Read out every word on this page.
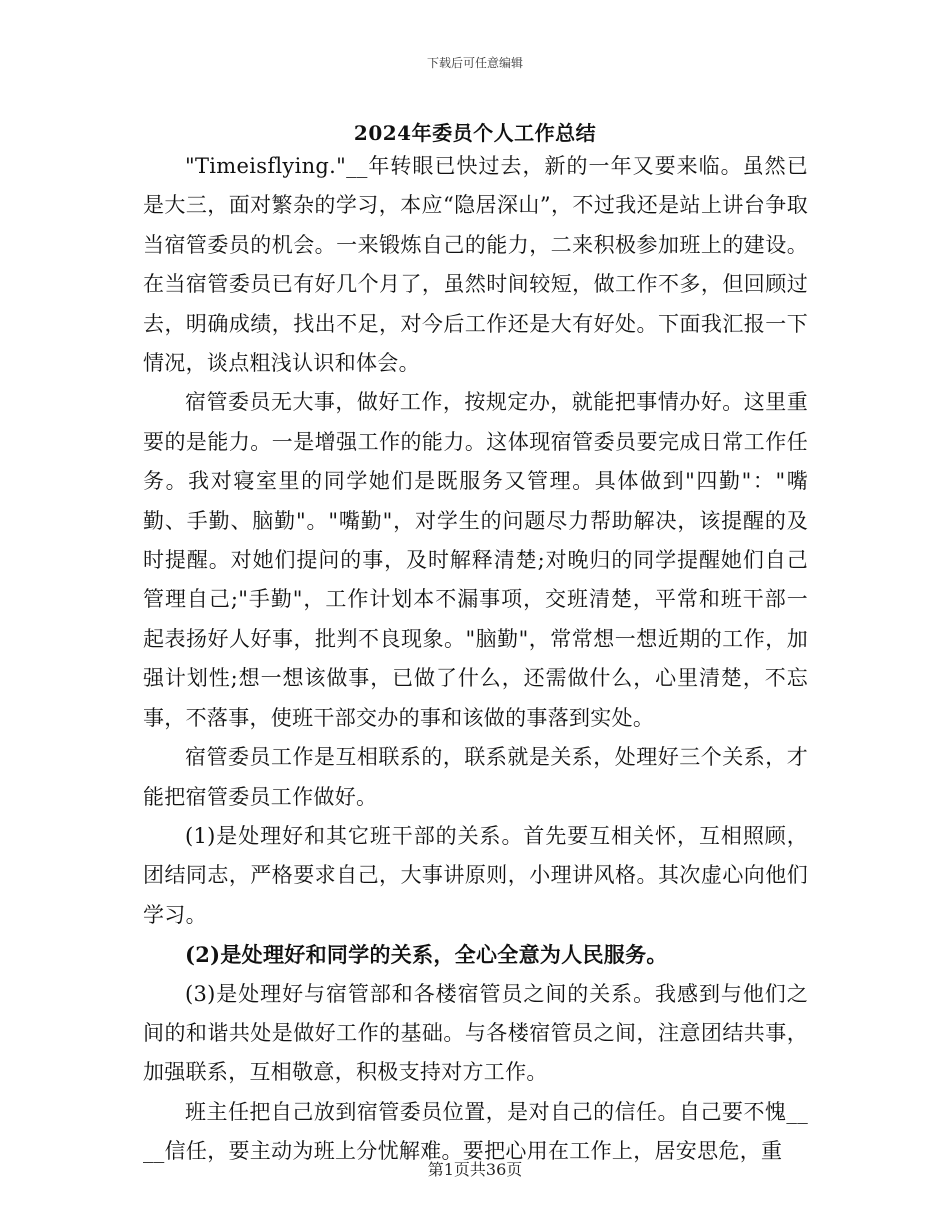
下载后可任意编辑
2024年委员个人工作总结

"Timeisflying."__年转眼已快过去，新的一年又要来临。虽然已是大三，面对繁杂的学习，本应“隐居深山”，不过我还是站上讲台争取当宿管委员的机会。一来锻炼自己的能力，二来积极参加班上的建设。在当宿管委员已有好几个月了，虽然时间较短，做工作不多，但回顾过去，明确成绩，找出不足，对今后工作还是大有好处。下面我汇报一下情况，谈点粗浅认识和体会。

宿管委员无大事，做好工作，按规定办，就能把事情办好。这里重要的是能力。一是增强工作的能力。这体现宿管委员要完成日常工作任务。我对寝室里的同学她们是既服务又管理。具体做到"四勤"："嘴勤、手勤、脑勤"。"嘴勤"，对学生的问题尽力帮助解决，该提醒的及时提醒。对她们提问的事，及时解释清楚;对晚归的同学提醒她们自己管理自己;"手勤"，工作计划本不漏事项，交班清楚，平常和班干部一起表扬好人好事，批判不良现象。"脑勤"，常常想一想近期的工作，加强计划性;想一想该做事，已做了什么，还需做什么，心里清楚，不忘事，不落事，使班干部交办的事和该做的事落到实处。

宿管委员工作是互相联系的，联系就是关系，处理好三个关系，才能把宿管委员工作做好。

(1)是处理好和其它班干部的关系。首先要互相关怀，互相照顾，团结同志，严格要求自己，大事讲原则，小理讲风格。其次虚心向他们学习。

(2)是处理好和同学的关系，全心全意为人民服务。

(3)是处理好与宿管部和各楼宿管员之间的关系。我感到与他们之间的和谐共处是做好工作的基础。与各楼宿管员之间，注意团结共事，加强联系，互相敬意，积极支持对方工作。

班主任把自己放到宿管委员位置，是对自己的信任。自己要不愧____信任，要主动为班上分忧解难。要把心用在工作上，居安思危，重

第1页共36页
